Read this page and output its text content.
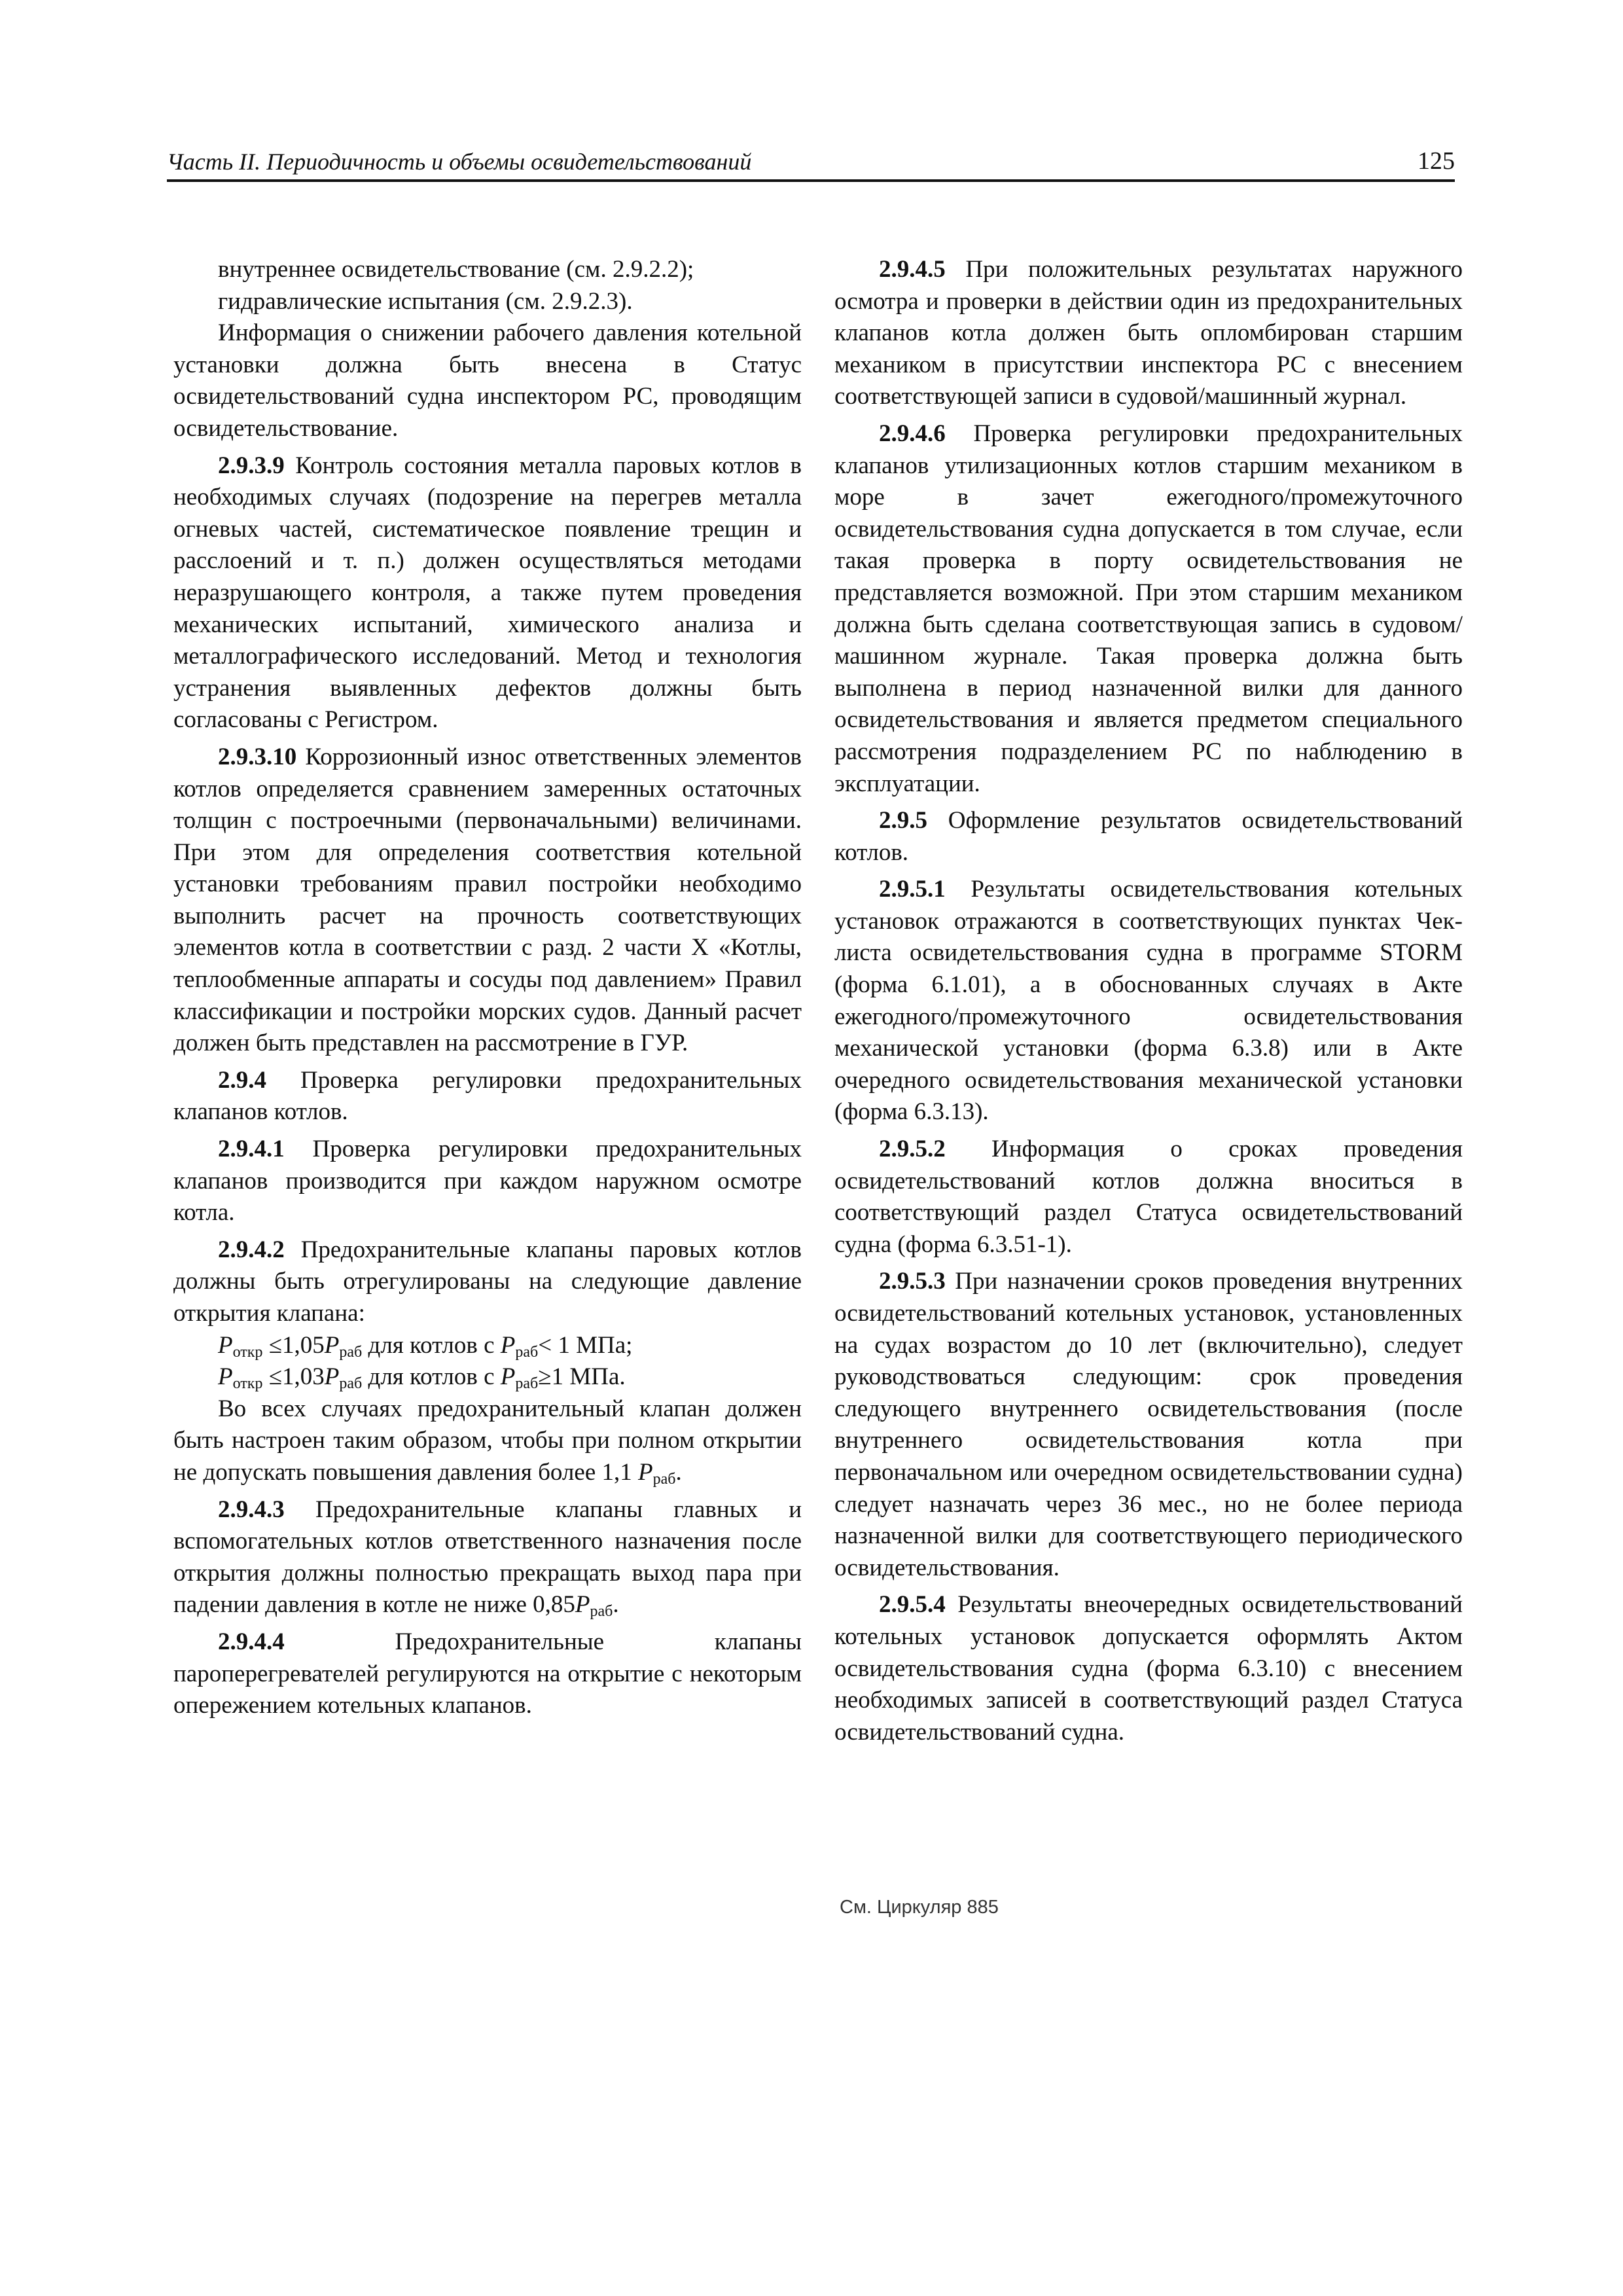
Часть II. Периодичность и объемы освидетельствований	125

внутреннее освидетельствование (см. 2.9.2.2);

гидравлические испытания (см. 2.9.2.3).

Информация о снижении рабочего давления котельной установки должна быть внесена в Статус освидетельствований судна инспектором РС, проводящим освидетельствование.

2.9.3.9 Контроль состояния металла паровых котлов в необходимых случаях (подозрение на перегрев металла огневых частей, систематическое появление трещин и расслоений и т. п.) должен осуществляться методами неразрушающего контроля, а также путем проведения механических испытаний, химического анализа и металлографического исследований. Метод и технология устранения выявленных дефектов должны быть согласованы с Регистром.

2.9.3.10 Коррозионный износ ответственных элементов котлов определяется сравнением замеренных остаточных толщин с построечными (первоначальными) величинами. При этом для определения соответствия котельной установки требованиям правил постройки необходимо выполнить расчет на прочность соответствующих элементов котла в соответствии с разд. 2 части X «Котлы, теплообменные аппараты и сосуды под давлением» Правил классификации и постройки морских судов. Данный расчет должен быть представлен на рассмотрение в ГУР.

2.9.4 Проверка регулировки предохранительных клапанов котлов.

2.9.4.1 Проверка регулировки предохранительных клапанов производится при каждом наружном осмотре котла.

2.9.4.2 Предохранительные клапаны паровых котлов должны быть отрегулированы на следующие давление открытия клапана:

$P_{откр} \le 1,05P_{раб}$ для котлов с $P_{раб}< 1$ МПа;

$P_{откр} \le 1,03P_{раб}$ для котлов с $P_{раб}\ge 1$ МПа.

Во всех случаях предохранительный клапан должен быть настроен таким образом, чтобы при полном открытии не допускать повышения давления более 1,1 $P_{раб}$.

2.9.4.3 Предохранительные клапаны главных и вспомогательных котлов ответственного назначения после открытия должны полностью прекращать выход пара при падении давления в котле не ниже $0,85P_{раб}$.

2.9.4.4	Предохранительные клапаны пароперегревателей регулируются на открытие с некоторым опережением котельных клапанов.

2.9.4.5 При положительных результатах наружного осмотра и проверки в действии один из предохранительных клапанов котла должен быть опломбирован старшим механиком в присутствии инспектора РС с внесением соответствующей записи в судовой/машинный журнал.

2.9.4.6 Проверка регулировки предохранительных клапанов утилизационных котлов старшим механиком в море в зачет ежегодного/промежуточного освидетельствования судна допускается в том случае, если такая проверка в порту освидетельствования не представляется возможной. При этом старшим механиком должна быть сделана соответствующая запись в судовом/машинном журнале. Такая проверка должна быть выполнена в период назначенной вилки для данного освидетельствования и является предметом специального рассмотрения подразделением РС по наблюдению в эксплуатации.

2.9.5 Оформление результатов освидетельствований котлов.

2.9.5.1 Результаты освидетельствования котельных установок отражаются в соответствующих пунктах Чек-листа освидетельствования судна в программе STORM (форма 6.1.01), а в обоснованных случаях в Акте ежегодного/промежуточного освидетельствования механической установки (форма 6.3.8) или в Акте очередного освидетельствования механической установки (форма 6.3.13).

2.9.5.2 Информация о сроках проведения освидетельствований котлов должна вноситься в соответствующий раздел Статуса освидетельствований судна (форма 6.3.51-1).

2.9.5.3 При назначении сроков проведения внутренних освидетельствований котельных установок, установленных на судах возрастом до 10 лет (включительно), следует руководствоваться следующим: срок проведения следующего внутреннего освидетельствования (после внутреннего освидетельствования котла при первоначальном или очередном освидетельствовании судна) следует назначать через 36 мес., но не более периода назначенной вилки для соответствующего периодического освидетельствования.

2.9.5.4 Результаты внеочередных освидетельствований котельных установок допускается оформлять Актом освидетельствования судна (форма 6.3.10) с внесением необходимых записей в соответствующий раздел Статуса освидетельствований судна.

См. Циркуляр 885
